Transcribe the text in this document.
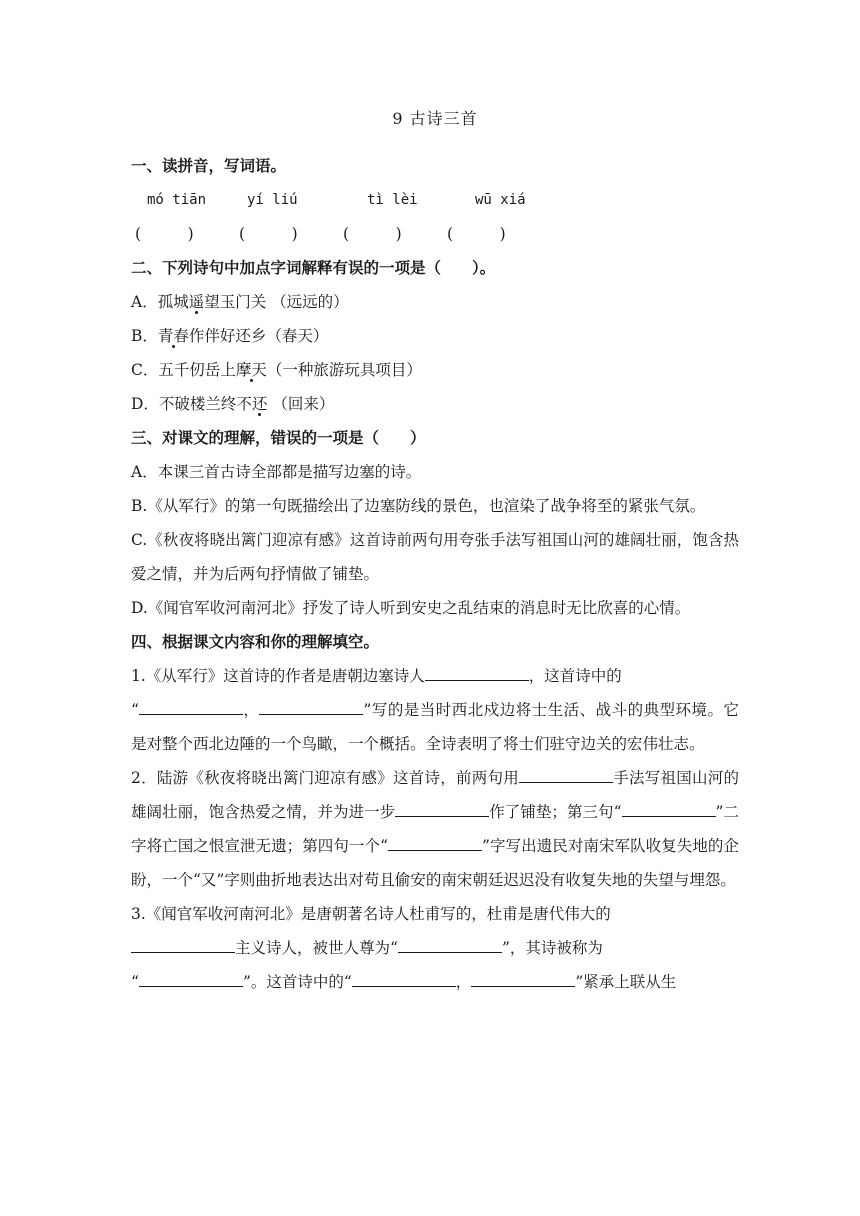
9 古诗三首

一、读拼音，写词语。

mó tiān	yí liú	tì lèi	wū xiá
(   	)	(   	)	(   	)	(   	)

二、下列诗句中加点字词解释有误的一项是（　　）。

A．孤城遥望玉门关 （远远的）

B．青春作伴好还乡（春天）

C．五千仞岳上摩天（一种旅游玩具项目）

D．不破楼兰终不还 （回来）

三、对课文的理解，错误的一项是（　　）

A．本课三首古诗全部都是描写边塞的诗。

B.《从军行》的第一句既描绘出了边塞防线的景色，也渲染了战争将至的紧张气氛。

C.《秋夜将晓出篱门迎凉有感》这首诗前两句用夸张手法写祖国山河的雄阔壮丽，饱含热爱之情，并为后两句抒情做了铺垫。

D.《闻官军收河南河北》抒发了诗人听到安史之乱结束的消息时无比欣喜的心情。

四、根据课文内容和你的理解填空。

1.《从军行》这首诗的作者是唐朝边塞诗人	，这首诗中的
“	，	”写的是当时西北戍边将士生活、战斗的典型环境。它是对整个西北边陲的一个鸟瞰，一个概括。全诗表明了将士们驻守边关的宏伟壮志。

2．陆游《秋夜将晓出篱门迎凉有感》这首诗，前两句用	手法写祖国山河的雄阔壮丽，饱含热爱之情，并为进一步	作了铺垫；第三句“	”二字将亡国之恨宣泄无遗；第四句一个“	”字写出遗民对南宋军队收复失地的企盼，一个“又”字则曲折地表达出对苟且偷安的南宋朝廷迟迟没有收复失地的失望与埋怨。

3.《闻官军收河南河北》是唐朝著名诗人杜甫写的，杜甫是唐代伟大的
主义诗人，被世人尊为“	”，其诗被称为
“	”。这首诗中的“	，	”紧承上联从生
